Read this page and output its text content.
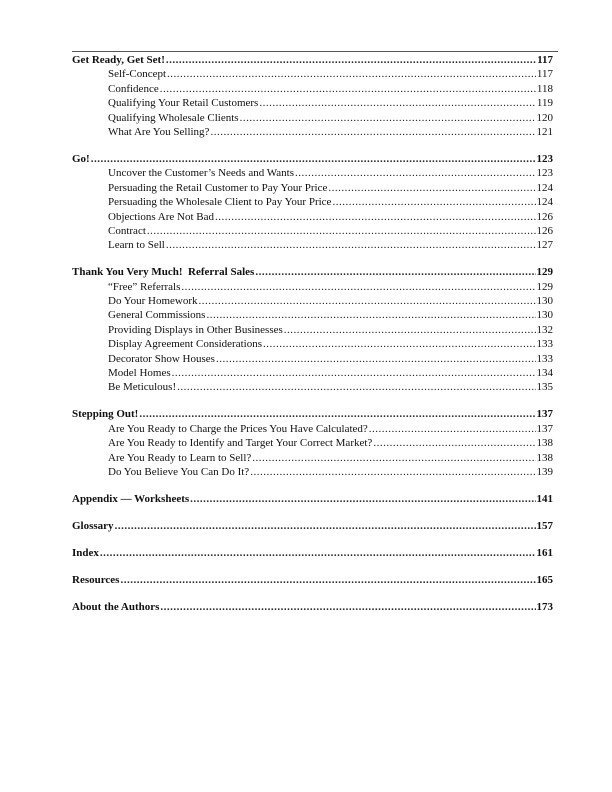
Get Ready, Get Set! .....	117
Self-Concept .....	117
Confidence .....	118
Qualifying Your Retail Customers .....	119
Qualifying Wholesale Clients .....	120
What Are You Selling? .....	121
Go! .....	123
Uncover the Customer’s Needs and Wants .....	123
Persuading the Retail Customer to Pay Your Price .....	124
Persuading the Wholesale Client to Pay Your Price .....	124
Objections Are Not Bad .....	126
Contract .....	126
Learn to Sell .....	127
Thank You Very Much!  Referral Sales .....	129
“Free” Referrals .....	129
Do Your Homework .....	130
General Commissions .....	130
Providing Displays in Other Businesses .....	132
Display Agreement Considerations .....	133
Decorator Show Houses .....	133
Model Homes .....	134
Be Meticulous! .....	135
Stepping Out! .....	137
Are You Ready to Charge the Prices You Have Calculated? .....	137
Are You Ready to Identify and Target Your Correct Market? .....	138
Are You Ready to Learn to Sell? .....	138
Do You Believe You Can Do It? .....	139
Appendix — Worksheets .....	141
Glossary .....	157
Index .....	161
Resources .....	165
About the Authors .....	173
